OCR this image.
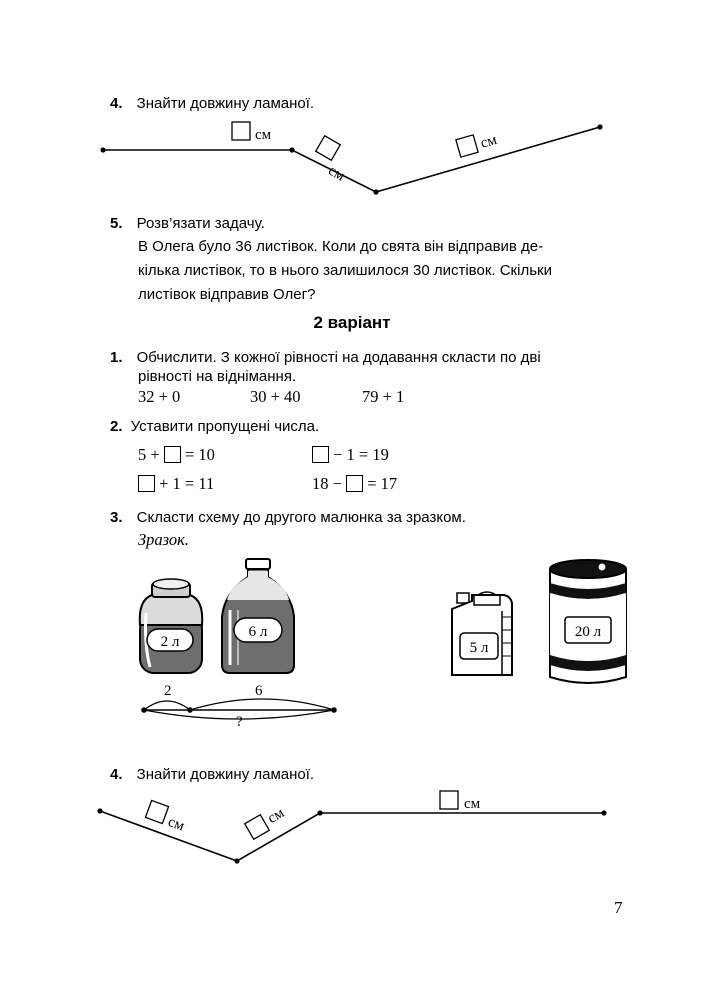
4. Знайти довжину ламаної.
см
см
см
5. Розв’язати задачу.
В Олега було 36 листівок. Коли до свята він відправив де-
кілька листівок, то в нього залишилося 30 листівок. Скільки
листівок відправив Олег?
2 варіант
1. Обчислити. З кожної рівності на додавання скласти по дві
рівності на віднімання.
32 + 0	30 + 40	79 + 1
2. Уставити пропущені числа.
5 + = 10	− 1 = 19
+ 1 = 11	18 − = 17
3. Скласти схему до другого малюнка за зразком.
Зразок.
2 л
6 л
2	6
?
5 л
20 л
4. Знайти довжину ламаної.
см	см
см
7
